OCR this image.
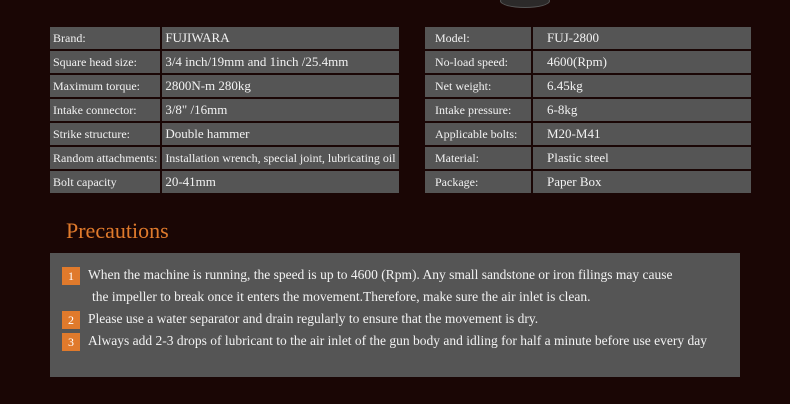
Brand:	FUJIWARA
Square head size:	3/4 inch/19mm and 1inch /25.4mm
Maximum torque:	2800N-m 280kg
Intake connector:	3/8" /16mm
Strike structure:	Double hammer
Random attachments:	Installation wrench, special joint, lubricating oil
Bolt capacity	20-41mm
Model:	FUJ-2800
No-load speed:	4600(Rpm)
Net weight:	6.45kg
Intake pressure:	6-8kg
Applicable bolts:	M20-M41
Material:	Plastic steel
Package:	Paper Box
Precautions
1 When the machine is running, the speed is up to 4600 (Rpm). Any small sandstone or iron filings may cause
the impeller to break once it enters the movement.Therefore, make sure the air inlet is clean.
2 Please use a water separator and drain regularly to ensure that the movement is dry.
3 Always add 2-3 drops of lubricant to the air inlet of the gun body and idling for half a minute before use every day
